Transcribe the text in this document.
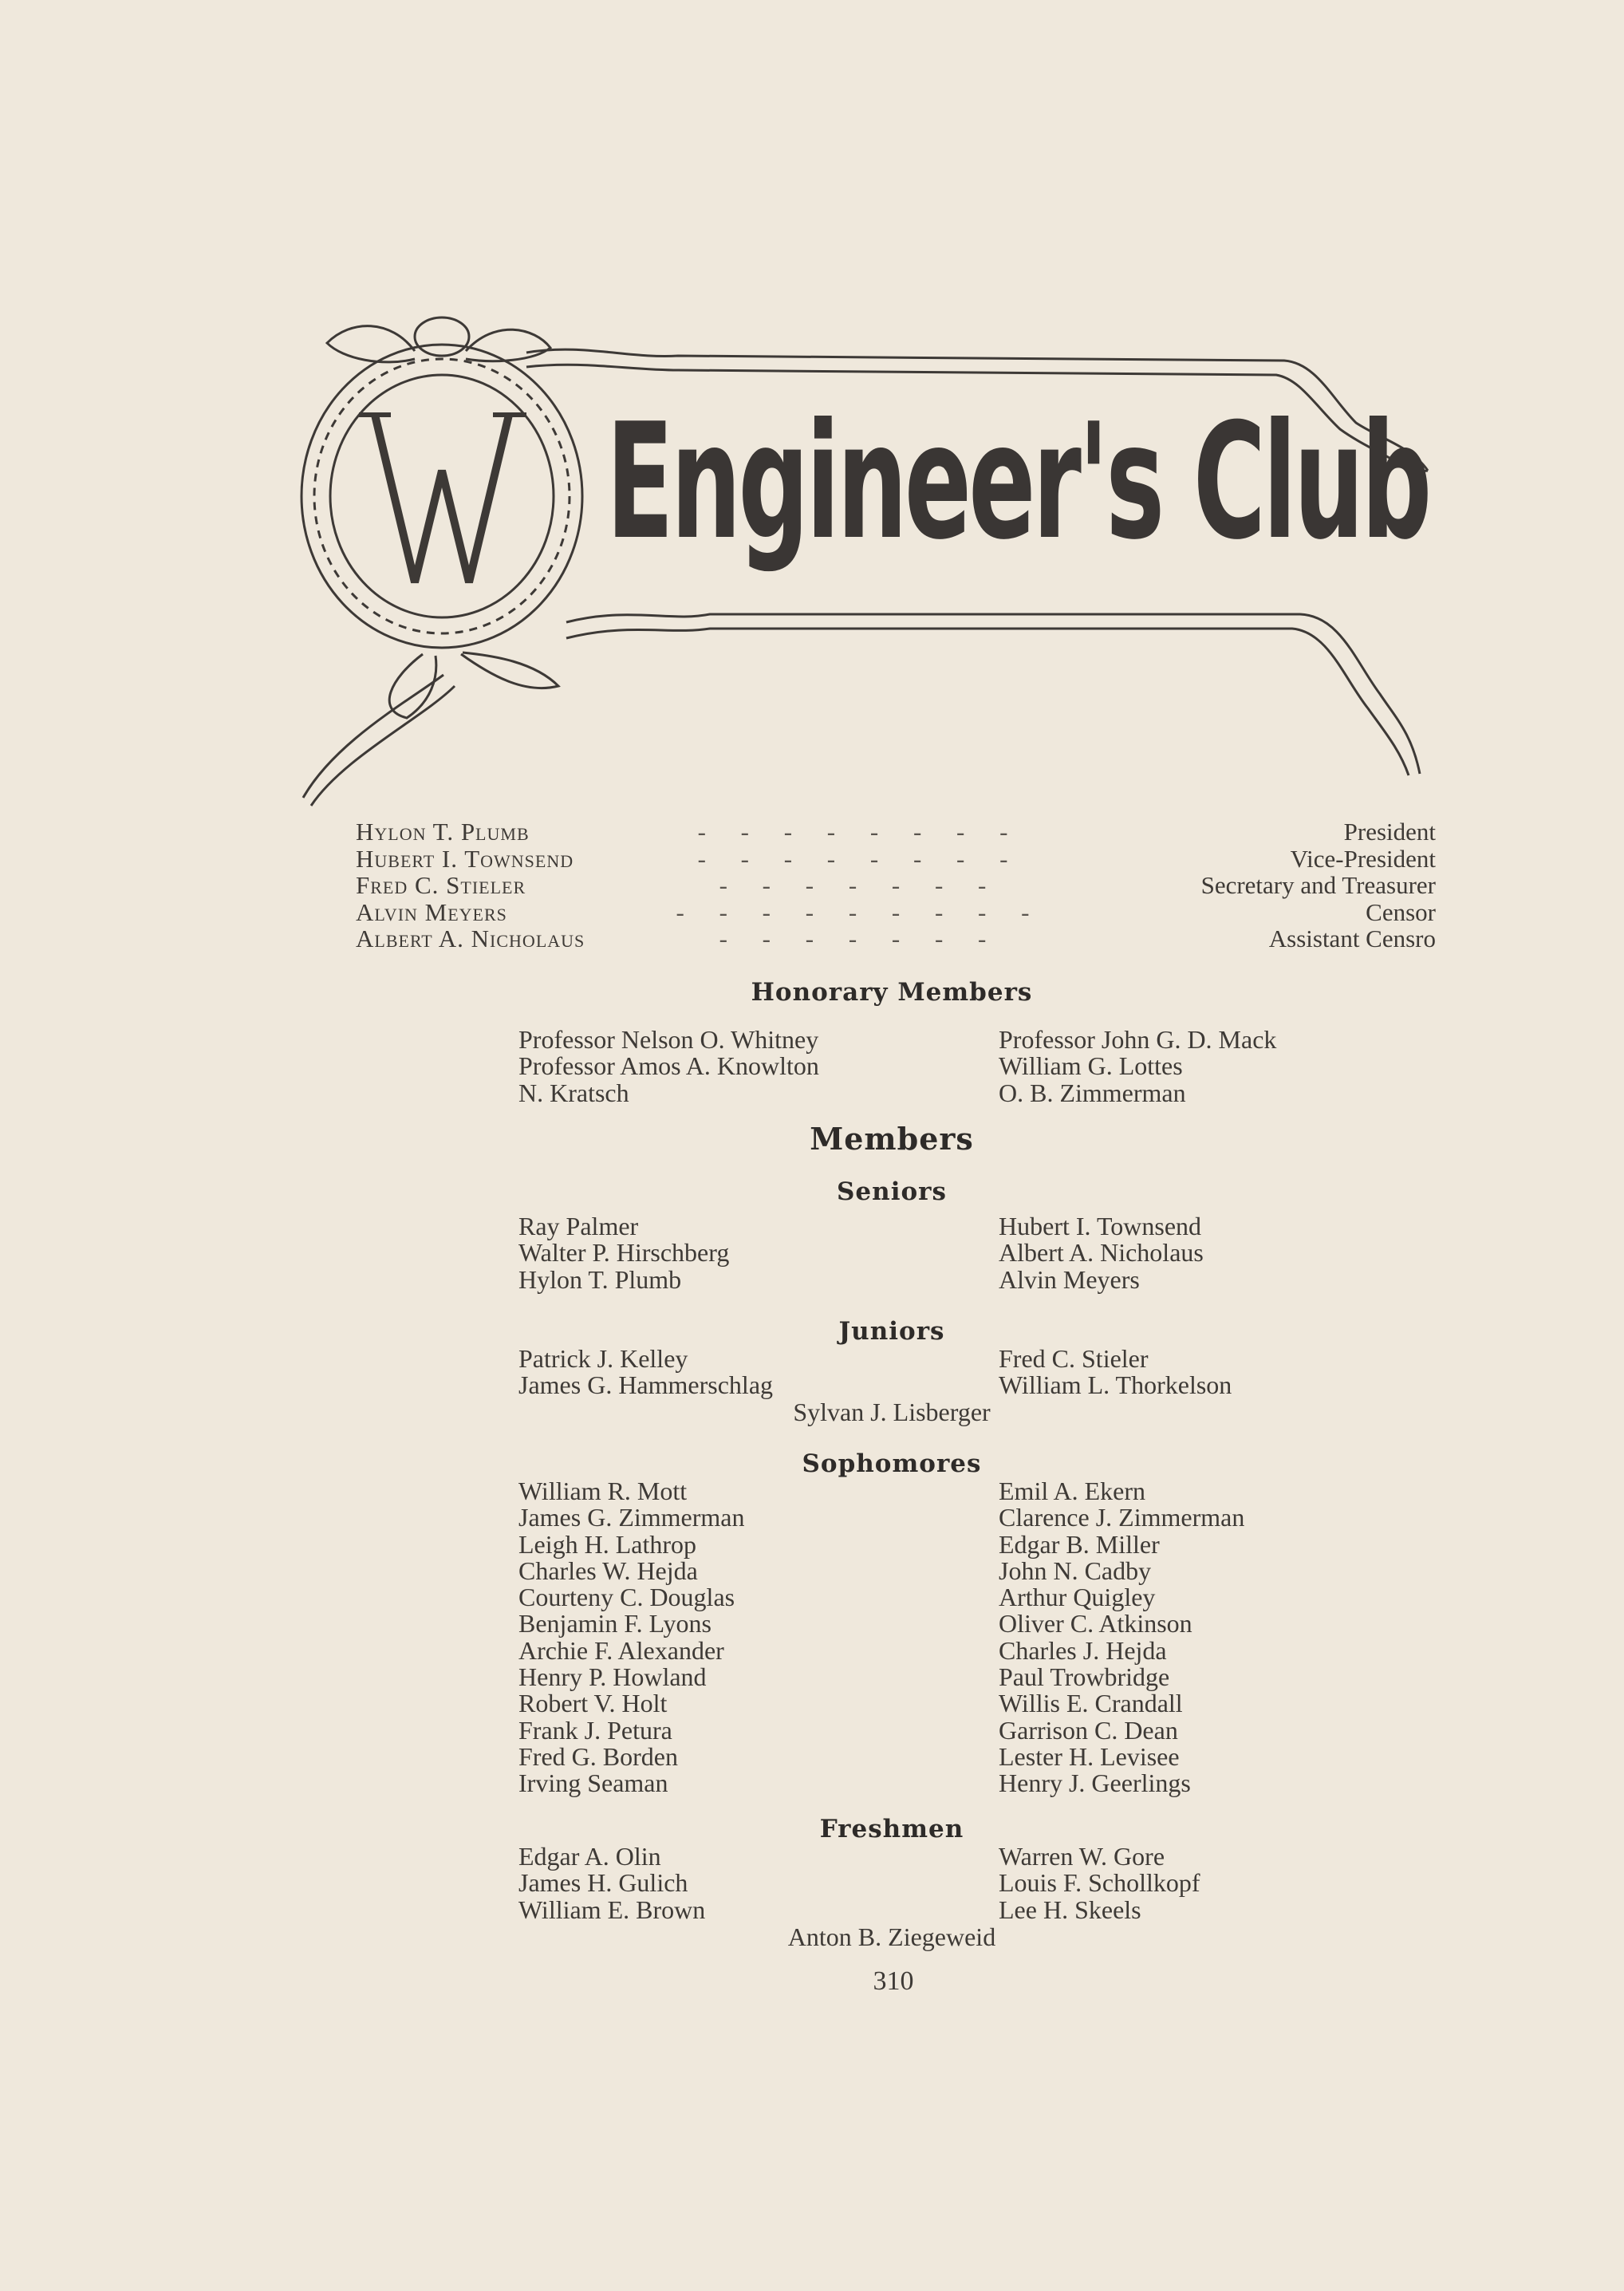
Engineer's Club
Hylon T. Plumb	- - - - - - - -	President
Hubert I. Townsend	- - - - - - - -	Vice-President
Fred C. Stieler	- - - - - - -	Secretary and Treasurer
Alvin Meyers	- - - - - - - - -	Censor
Albert A. Nicholaus	- - - - - - -	Assistant Censro
Honorary Members
Professor Nelson O. Whitney
Professor Amos A. Knowlton
N. Kratsch
Professor John G. D. Mack
William G. Lottes
O. B. Zimmerman
Members
Seniors
Ray Palmer
Walter P. Hirschberg
Hylon T. Plumb
Hubert I. Townsend
Albert A. Nicholaus
Alvin Meyers
Juniors
Patrick J. Kelley
James G. Hammerschlag
Fred C. Stieler
William L. Thorkelson
Sylvan J. Lisberger
Sophomores
William R. Mott
James G. Zimmerman
Leigh H. Lathrop
Charles W. Hejda
Courteny C. Douglas
Benjamin F. Lyons
Archie F. Alexander
Henry P. Howland
Robert V. Holt
Frank J. Petura
Fred G. Borden
Irving Seaman
Emil A. Ekern
Clarence J. Zimmerman
Edgar B. Miller
John N. Cadby
Arthur Quigley
Oliver C. Atkinson
Charles J. Hejda
Paul Trowbridge
Willis E. Crandall
Garrison C. Dean
Lester H. Levisee
Henry J. Geerlings
Freshmen
Edgar A. Olin
James H. Gulich
William E. Brown
Warren W. Gore
Louis F. Schollkopf
Lee H. Skeels
Anton B. Ziegeweid
310
